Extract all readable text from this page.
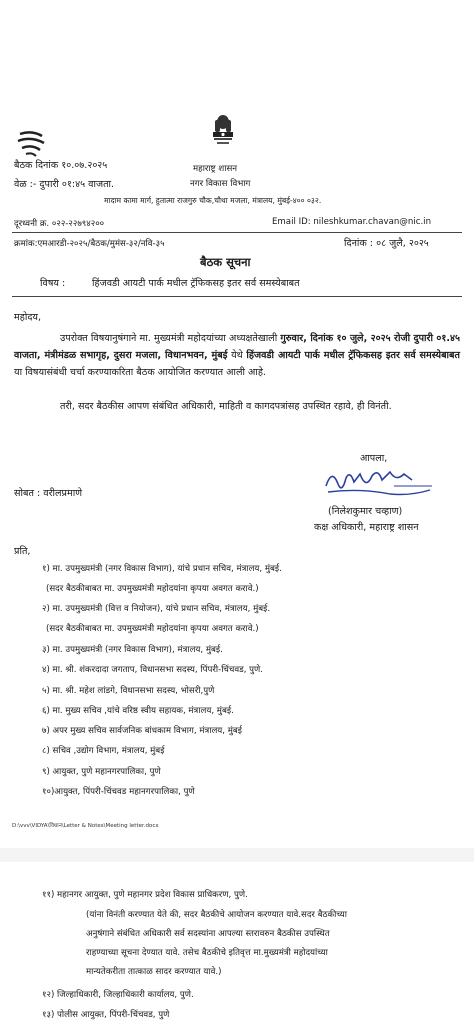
बैठक दिनांक १०.०७.२०२५
वेळ :- दुपारी ०१:४५ वाजता.
महाराष्ट्र शासन
नगर विकास विभाग
मादाम कामा मार्ग, हुतात्मा राजगुरु चौक,चौथा मजला, मंत्रालय, मुंबई-४०० ०३२.
दूरध्वनी क्र. ०२२-२२७९४२००	Email ID: nileshkumar.chavan@nic.in
क्रमांक:एमआरडी-२०२५/बैठक/मुमंस-३२/नवि-३५	दिनांक : ०८ जुलै, २०२५
बैठक सूचना
विषय :	हिंजवडी आयटी पार्क मधील ट्रॅफिकसह इतर सर्व समस्येबाबत
महोदय,

उपरोक्त विषयानुषंगाने मा. मुख्यमंत्री महोदयांच्या अध्यक्षतेखाली गुरुवार, दिनांक १० जुले, २०२५ रोजी दुपारी ०१.४५ वाजता, मंत्रीमंडळ सभागृह, दुसरा मजला, विधानभवन, मुंबई येथे हिंजवडी आयटी पार्क मधील ट्रॅफिकसह इतर सर्व समस्येबाबत या विषयासंबंधी चर्चा करण्याकरिता बैठक आयोजित करण्यात आली आहे.

तरी, सदर बैठकीस आपण संबंधित अधिकारी, माहिती व कागदपत्रांसह उपस्थित रहावे, ही विनंती.

आपला,
(निलेशकुमार चव्हाण)
कक्ष अधिकारी, महाराष्ट्र शासन
सोबत : वरीलप्रमाणे
प्रति,
१) मा. उपमुख्यमंत्री (नगर विकास विभाग), यांचे प्रधान सचिव, मंत्रालय, मुंबई.
(सदर बैठकीबाबत मा. उपमुख्यमंत्री महोदयांना कृपया अवगत करावे.)
२) मा. उपमुख्यमंत्री (वित्त व नियोजन), यांचे प्रधान सचिव, मंत्रालय, मुंबई.
(सदर बैठकीबाबत मा. उपमुख्यमंत्री महोदयांना कृपया अवगत करावे.)
३) मा. उपमुख्यमंत्री (नगर विकास विभाग), मंत्रालय, मुंबई.
४) मा. श्री. शंकरदादा जगताप, विधानसभा सदस्य, पिंपरी-चिंचवड, पुणे.
५) मा. श्री. महेश लांडगे, विधानसभा सदस्य, भोसरी,पुणे
६) मा. मुख्य सचिव ,यांचे वरिष्ठ स्वीय सहायक, मंत्रालय, मुंबई.
७) अपर मुख्य सचिव सार्वजनिक बांधकाम विभाग, मंत्रालय, मुंबई
८) सचिव ,उद्योग विभाग, मंत्रालय, मुंबई
९) आयुक्त, पुणे महानगरपालिका, पुणे
१०)आयुक्त, पिंपरी-चिंचवड महानगरपालिका, पुणे
D:\vvv\VIDYA\विधान\Letter & Notes\Meeting letter.docx
११) महानगर आयुक्त, पुणे महानगर प्रदेश विकास प्राधिकरण, पुणे.
(यांना विनंती करण्यात येते की, सदर बैठकीचे आयोजन करण्यात यावे.सदर बैठकीच्या
अनुषंगाने संबंधित अधिकारी सर्व सदस्यांना आपल्या स्तरावरुन बैठकीस उपस्थित
राहण्याच्या सूचना देण्यात यावे. तसेच बैठकीचे इतिवृत्त मा.मुख्यमंत्री महोदयांच्या
मान्यतेकरीता तात्काळ सादर करण्यात यावे.)
१२) जिल्हाधिकारी, जिल्हाधिकारी कार्यालय, पुणे.
१३) पोलीस आयुक्त, पिंपरी-चिंचवड, पुणे
